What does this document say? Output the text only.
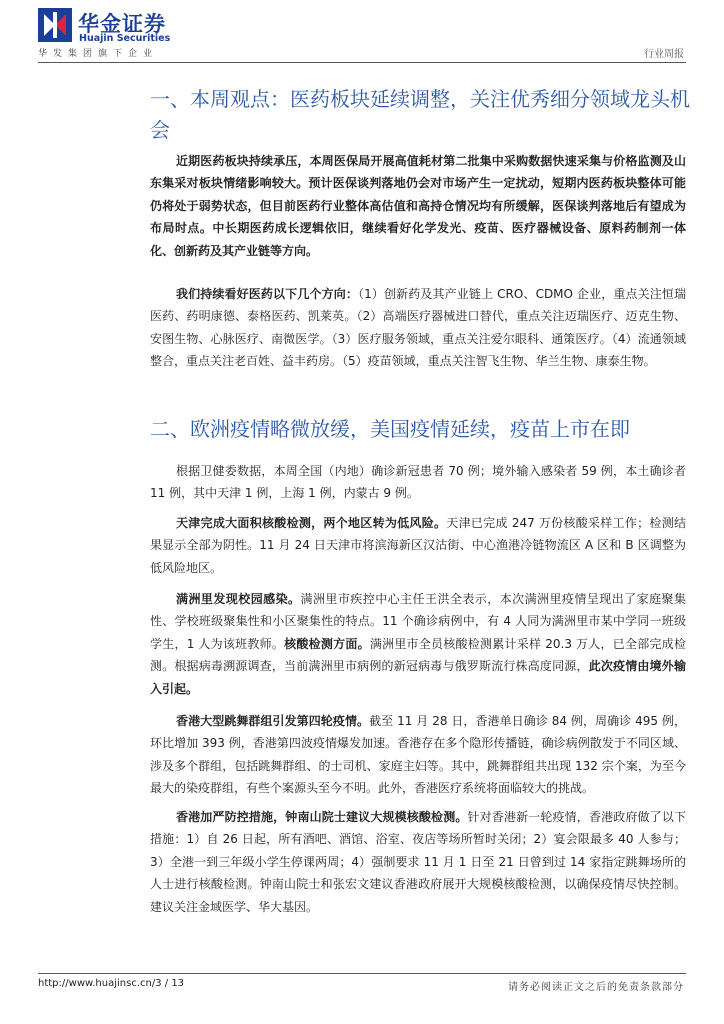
华金证券
Huajin Securities
华发集团旗下企业	行业周报
一、本周观点：医药板块延续调整，关注优秀细分领域龙头机会

近期医药板块持续承压，本周医保局开展高值耗材第二批集中采购数据快速采集与价格监测及山东集采对板块情绪影响较大。预计医保谈判落地仍会对市场产生一定扰动，短期内医药板块整体可能仍将处于弱势状态，但目前医药行业整体高估值和高持仓情况均有所缓解，医保谈判落地后有望成为布局时点。中长期医药成长逻辑依旧，继续看好化学发光、疫苗、医疗器械设备、原料药制剂一体化、创新药及其产业链等方向。

我们持续看好医药以下几个方向：（1）创新药及其产业链上 CRO、CDMO 企业，重点关注恒瑞医药、药明康德、泰格医药、凯莱英。（2）高端医疗器械进口替代，重点关注迈瑞医疗、迈克生物、安图生物、心脉医疗、南微医学。（3）医疗服务领域，重点关注爱尔眼科、通策医疗。（4）流通领域整合，重点关注老百姓、益丰药房。（5）疫苗领域，重点关注智飞生物、华兰生物、康泰生物。

二、欧洲疫情略微放缓，美国疫情延续，疫苗上市在即

根据卫健委数据，本周全国（内地）确诊新冠患者 70 例；境外输入感染者 59 例，本土确诊者 11 例，其中天津 1 例，上海 1 例，内蒙古 9 例。

天津完成大面积核酸检测，两个地区转为低风险。天津已完成 247 万份核酸采样工作；检测结果显示全部为阴性。11 月 24 日天津市将滨海新区汉沽街、中心渔港冷链物流区 A 区和 B 区调整为低风险地区。

满洲里发现校园感染。满洲里市疾控中心主任王洪全表示，本次满洲里疫情呈现出了家庭聚集性、学校班级聚集性和小区聚集性的特点。11 个确诊病例中，有 4 人同为满洲里市某中学同一班级学生，1 人为该班教师。核酸检测方面。满洲里市全员核酸检测累计采样 20.3 万人，已全部完成检测。根据病毒溯源调查，当前满洲里市病例的新冠病毒与俄罗斯流行株高度同源，此次疫情由境外输入引起。

香港大型跳舞群组引发第四轮疫情。截至 11 月 28 日，香港单日确诊 84 例，周确诊 495 例，环比增加 393 例，香港第四波疫情爆发加速。香港存在多个隐形传播链，确诊病例散发于不同区域、涉及多个群组，包括跳舞群组、的士司机、家庭主妇等。其中，跳舞群组共出现 132 宗个案，为至今最大的染疫群组，有些个案源头至今不明。此外，香港医疗系统将面临较大的挑战。

香港加严防控措施，钟南山院士建议大规模核酸检测。针对香港新一轮疫情，香港政府做了以下措施：1）自 26 日起，所有酒吧、酒馆、浴室、夜店等场所暂时关闭；2）宴会限最多 40 人参与；3）全港一到三年级小学生停课两周；4）强制要求 11 月 1 日至 21 日曾到过 14 家指定跳舞场所的人士进行核酸检测。钟南山院士和张宏文建议香港政府展开大规模核酸检测，以确保疫情尽快控制。建议关注金域医学、华大基因。

http://www.huajinsc.cn/3 / 13	请务必阅读正文之后的免责条款部分
